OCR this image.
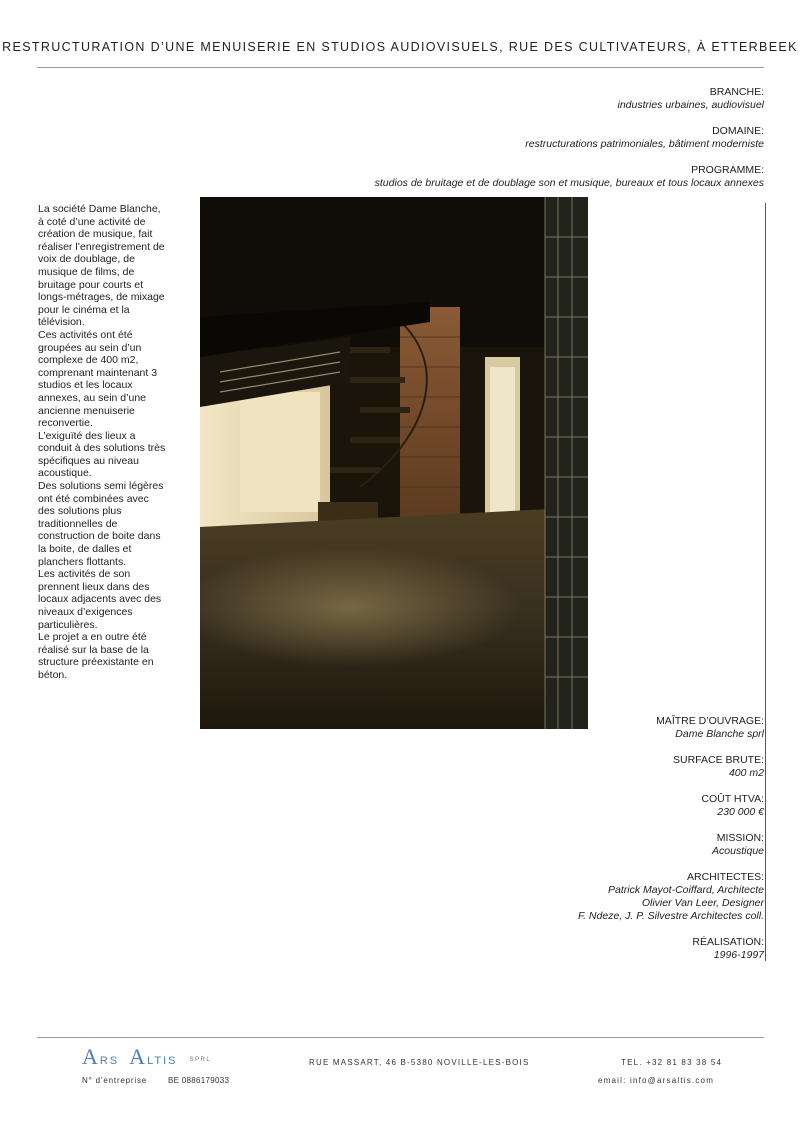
RESTRUCTURATION D’UNE MENUISERIE EN STUDIOS AUDIOVISUELS, RUE DES CULTIVATEURS, À ETTERBEEK
BRANCHE:
industries urbaines, audiovisuel
DOMAINE:
restructurations patrimoniales, bâtiment moderniste
PROGRAMME:
studios de bruitage et de doublage son et musique, bureaux et tous locaux annexes

La société Dame Blanche, à coté d’une activité de création de musique, fait réaliser l’enregistrement de voix de doublage, de musique de films, de bruitage pour courts et longs-métrages, de mixage pour le cinéma et la télévision.

Ces activités ont été groupées au sein d’un complexe de 400 m2, comprenant maintenant 3 studios et les locaux annexes, au sein d’une ancienne menuiserie reconvertie.

L’exiguïté des lieux a conduit à des solutions très spécifiques au niveau acoustique.

Des solutions semi légères ont été combinées avec des solutions plus traditionnelles de construction de boite dans la boite, de dalles et planchers flottants.

Les activités de son prennent lieux dans des locaux adjacents avec des niveaux d’exigences particulières.

Le projet a en outre été réalisé sur la base de la structure préexistante en béton.

MAÎTRE D’OUVRAGE:
Dame Blanche sprl
SURFACE BRUTE:
400 m2
COÛT HTVA:
230 000 €
MISSION:
Acoustique
ARCHITECTES:
Patrick Mayot-Coiffard, Architecte
Olivier Van Leer, Designer
F. Ndeze, J. P. Silvestre Architectes coll.
RÉALISATION:
1996-1997
ARS ALTIS SPRL	RUE MASSART, 46 B-5380 NOVILLE-LES-BOIS	TEL. +32 81 83 38 54
N° d’entreprise	BE 0886179033	email: info@arsaltis.com
